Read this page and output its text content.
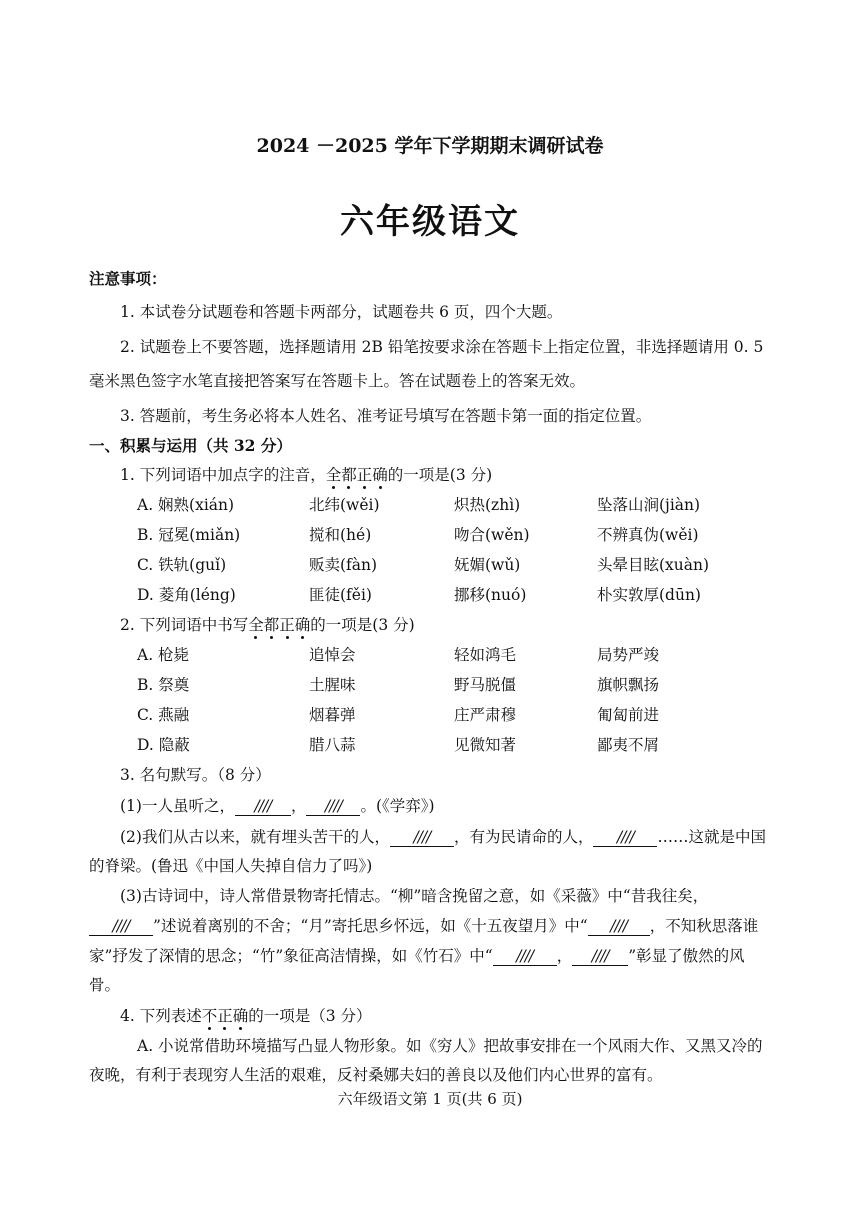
2024 －2025 学年下学期期末调研试卷
六年级语文
注意事项：
1. 本试卷分试题卷和答题卡两部分，试题卷共 6 页，四个大题。
2. 试题卷上不要答题，选择题请用 2B 铅笔按要求涂在答题卡上指定位置，非选择题请用 0. 5
毫米黑色签字水笔直接把答案写在答题卡上。答在试题卷上的答案无效。
3. 答题前，考生务必将本人姓名、准考证号填写在答题卡第一面的指定位置。
一、积累与运用（共 32 分）
1. 下列词语中加点字的注音，全都正确的一项是(3 分)
A. 娴熟(xián)	北纬(wěi)	炽热(zhì)	坠落山涧(jiàn)
B. 冠冕(miǎn)	搅和(hé)	吻合(wěn)	不辨真伪(wěi)
C. 铁轨(guǐ)	贩卖(fàn)	妩媚(wǔ)	头晕目眩(xuàn)
D. 菱角(léng)	匪徒(fěi)	挪移(nuó)	朴实敦厚(dūn)
2. 下列词语中书写全都正确的一项是(3 分)
A. 枪毙	追悼会	轻如鸿毛	局势严竣
B. 祭奠	土腥味	野马脱僵	旗帜飘扬
C. 燕融	烟暮弹	庄严肃穆	匍匐前进
D. 隐蔽	腊八蒜	见微知著	鄙夷不屑
3. 名句默写。（8 分）
(1)一人虽听之， //// ， //// 。(《学弈》)
(2)我们从古以来，就有埋头苦干的人， //// ，有为民请命的人， //// ……这就是中国
的脊梁。(鲁迅《中国人失掉自信力了吗》)
(3)古诗词中，诗人常借景物寄托情志。“柳”暗含挽留之意，如《采薇》中“昔我往矣，
//// ”述说着离别的不舍；“月”寄托思乡怀远，如《十五夜望月》中“ //// ，不知秋思落谁
家”抒发了深情的思念；“竹”象征高洁情操，如《竹石》中“ //// ， //// ”彰显了傲然的风
骨。
4. 下列表述不正确的一项是（3 分）
A. 小说常借助环境描写凸显人物形象。如《穷人》把故事安排在一个风雨大作、又黑又冷的
夜晚，有利于表现穷人生活的艰难，反衬桑娜夫妇的善良以及他们内心世界的富有。
六年级语文第 1 页(共 6 页)
